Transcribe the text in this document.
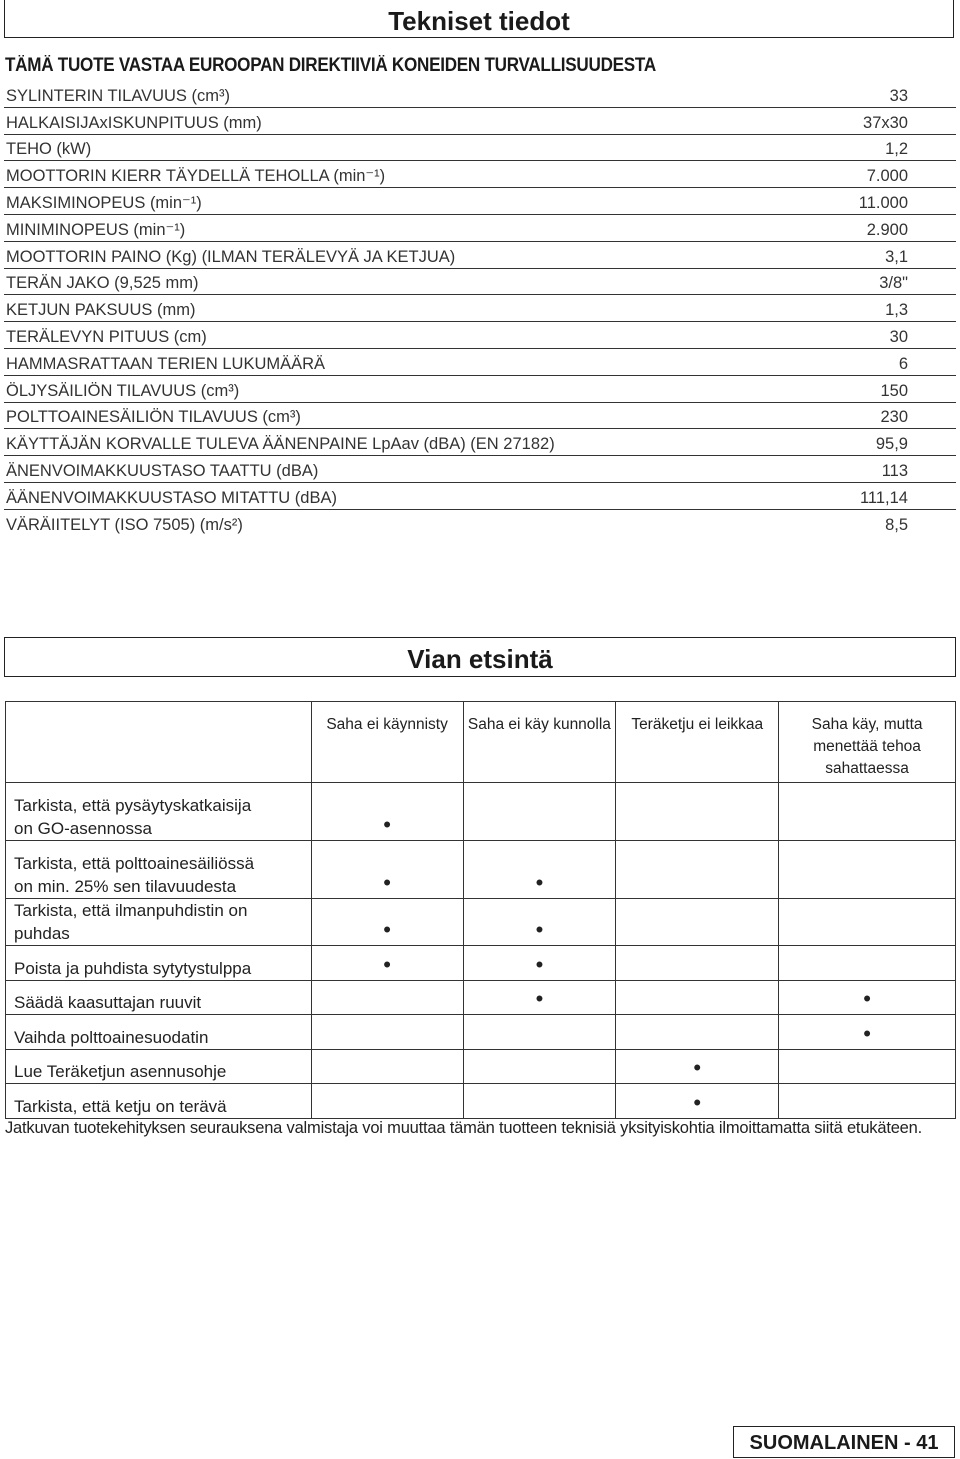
Tekniset tiedot
TÄMÄ TUOTE VASTAA EUROOPAN DIREKTIIVIÄ KONEIDEN TURVALLISUUDESTA
SYLINTERIN TILAVUUS (cm³)	33
HALKAISIJAxISKUNPITUUS (mm)	37x30
TEHO (kW)	1,2
MOOTTORIN KIERR TÄYDELLÄ TEHOLLA (min⁻¹)	7.000
MAKSIMINOPEUS (min⁻¹)	11.000
MINIMINOPEUS (min⁻¹)	2.900
MOOTTORIN PAINO (Kg) (ILMAN TERÄLEVYÄ JA KETJUA)	3,1
TERÄN JAKO (9,525 mm)	3/8"
KETJUN PAKSUUS (mm)	1,3
TERÄLEVYN PITUUS (cm)	30
HAMMASRATTAAN TERIEN LUKUMÄÄRÄ	6
ÖLJYSÄILIÖN TILAVUUS (cm³)	150
POLTTOAINESÄILIÖN TILAVUUS (cm³)	230
KÄYTTÄJÄN KORVALLE TULEVA ÄÄNENPAINE LpAav (dBA) (EN 27182)	95,9
ÄNENVOIMAKKUUSTASO TAATTU (dBA)	113
ÄÄNENVOIMAKKUUSTASO MITATTU (dBA)	111,14
VÄRÄIITELYT (ISO 7505) (m/s²)	8,5
Vian etsintä
	Saha ei käynnisty	Saha ei käy kunnolla	Teräketju ei leikkaa	Saha käy, mutta menettää tehoa sahattaessa
Tarkista, että pysäytyskatkaisija
on GO-asennossa	•			
Tarkista, että polttoainesäiliössä
on min. 25% sen tilavuudesta	•	•		
Tarkista, että ilmanpuhdistin on puhdas	•	•		
Poista ja puhdista sytytystulppa	•	•		
Säädä kaasuttajan ruuvit		•		•
Vaihda polttoainesuodatin				•
Lue Teräketjun asennusohje			•	
Tarkista, että ketju on terävä			•	
Jatkuvan tuotekehityksen seurauksena valmistaja voi muuttaa tämän tuotteen teknisiä yksityiskohtia ilmoittamatta siitä etukäteen.
SUOMALAINEN - 41
